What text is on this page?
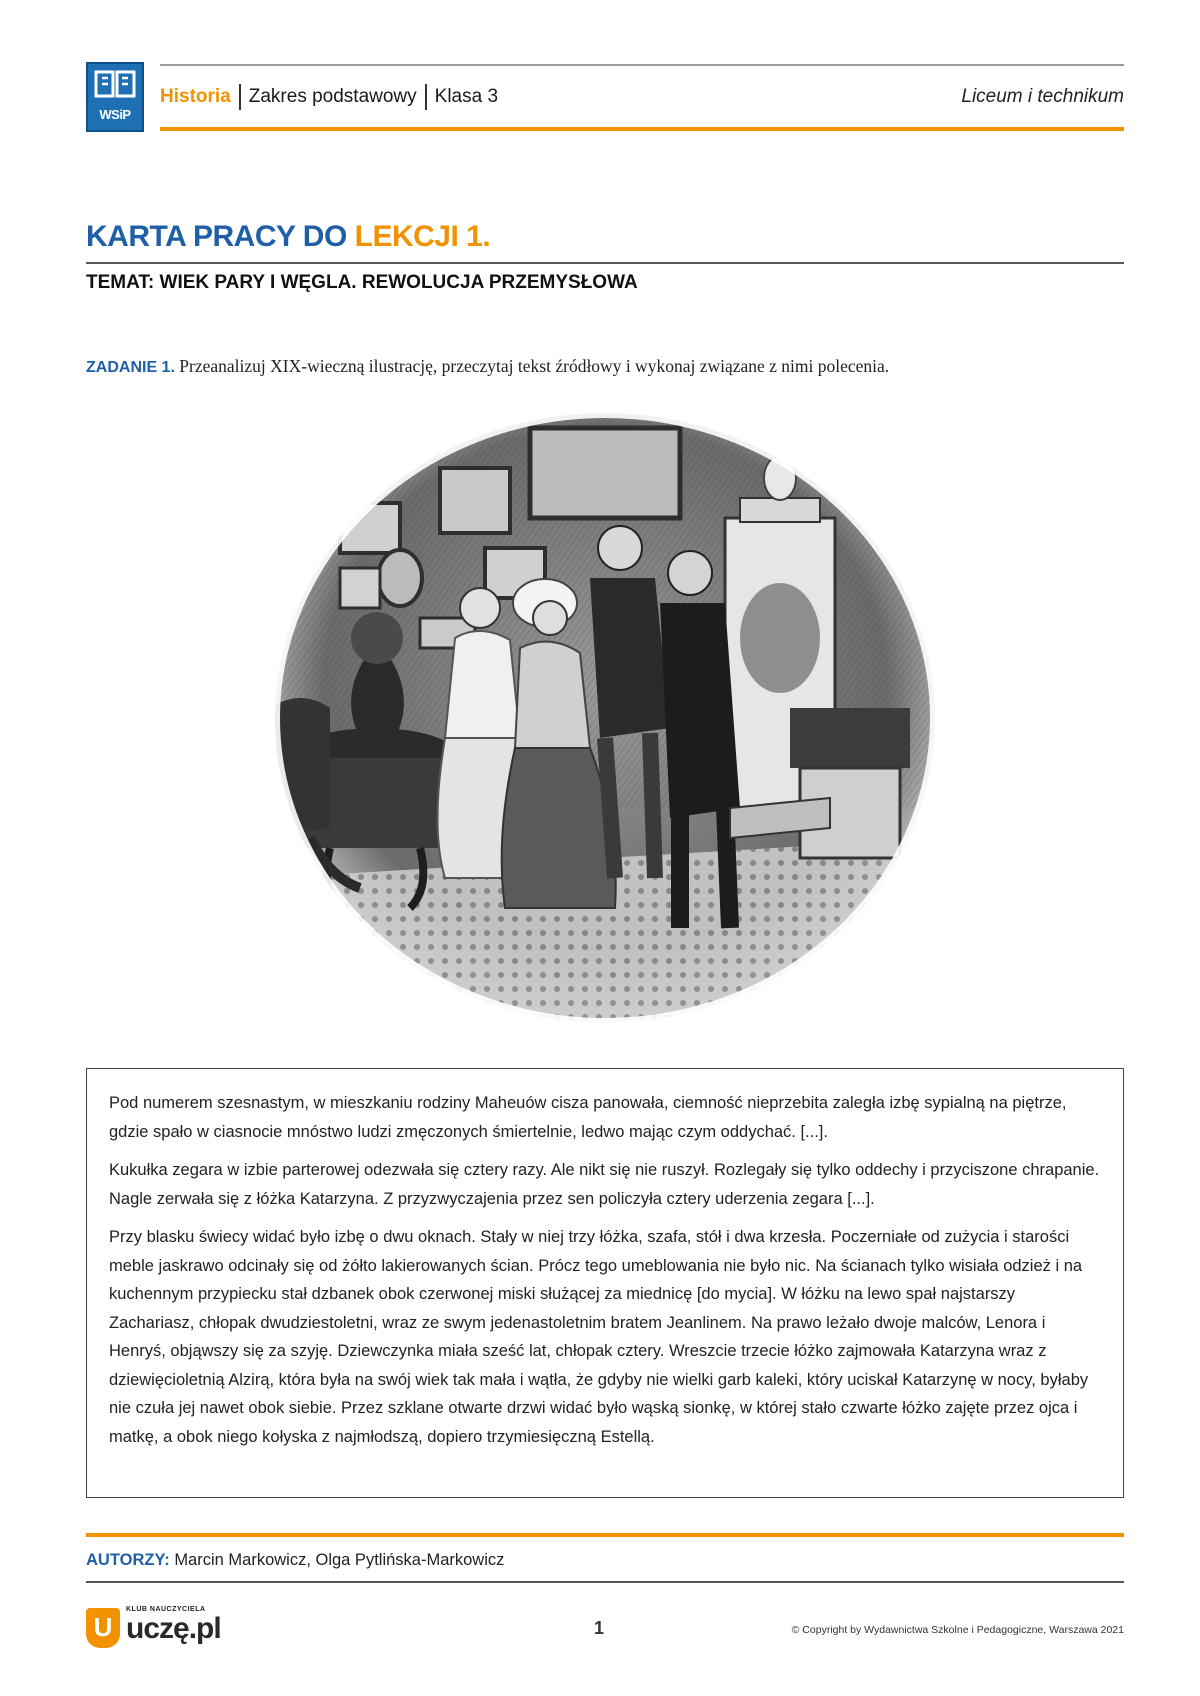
WSiP
Historia Zakres podstawowy Klasa 3	Liceum i technikum
KARTA PRACY DO LEKCJI 1.
TEMAT: WIEK PARY I WĘGLA. REWOLUCJA PRZEMYSŁOWA
ZADANIE 1. Przeanalizuj XIX-wieczną ilustrację, przeczytaj tekst źródłowy i wykonaj związane z nimi polecenia.

Pod numerem szesnastym, w mieszkaniu rodziny Maheuów cisza panowała, ciemność nieprzebita zaległa izbę sypialną na piętrze, gdzie spało w ciasnocie mnóstwo ludzi zmęczonych śmiertelnie, ledwo mając czym oddychać. [...].

Kukułka zegara w izbie parterowej odezwała się cztery razy. Ale nikt się nie ruszył. Rozlegały się tylko oddechy i przyciszone chrapanie. Nagle zerwała się z łóżka Katarzyna. Z przyzwyczajenia przez sen policzyła cztery uderzenia zegara [...].

Przy blasku świecy widać było izbę o dwu oknach. Stały w niej trzy łóżka, szafa, stół i dwa krzesła. Poczerniałe od zużycia i starości meble jaskrawo odcinały się od żółto lakierowanych ścian. Prócz tego umeblowania nie było nic. Na ścianach tylko wisiała odzież i na kuchennym przypiecku stał dzbanek obok czerwonej miski służącej za miednicę [do mycia]. W łóżku na lewo spał najstarszy Zachariasz, chłopak dwudziestoletni, wraz ze swym jedenastoletnim bratem Jeanlinem. Na prawo leżało dwoje malców, Lenora i Henryś, objąwszy się za szyję. Dziewczynka miała sześć lat, chłopak cztery. Wreszcie trzecie łóżko zajmowała Katarzyna wraz z dziewięcioletnią Alzirą, która była na swój wiek tak mała i wątła, że gdyby nie wielki garb kaleki, który uciskał Katarzynę w nocy, byłaby nie czuła jej nawet obok siebie. Przez szklane otwarte drzwi widać było wąską sionkę, w której stało czwarte łóżko zajęte przez ojca i matkę, a obok niego kołyska z najmłodszą, dopiero trzymiesięczną Estellą.

AUTORZY: Marcin Markowicz, Olga Pytlińska-Markowicz
U
KLUB NAUCZYCIELA
uczę.pl	1	© Copyright by Wydawnictwa Szkolne i Pedagogiczne, Warszawa 2021
